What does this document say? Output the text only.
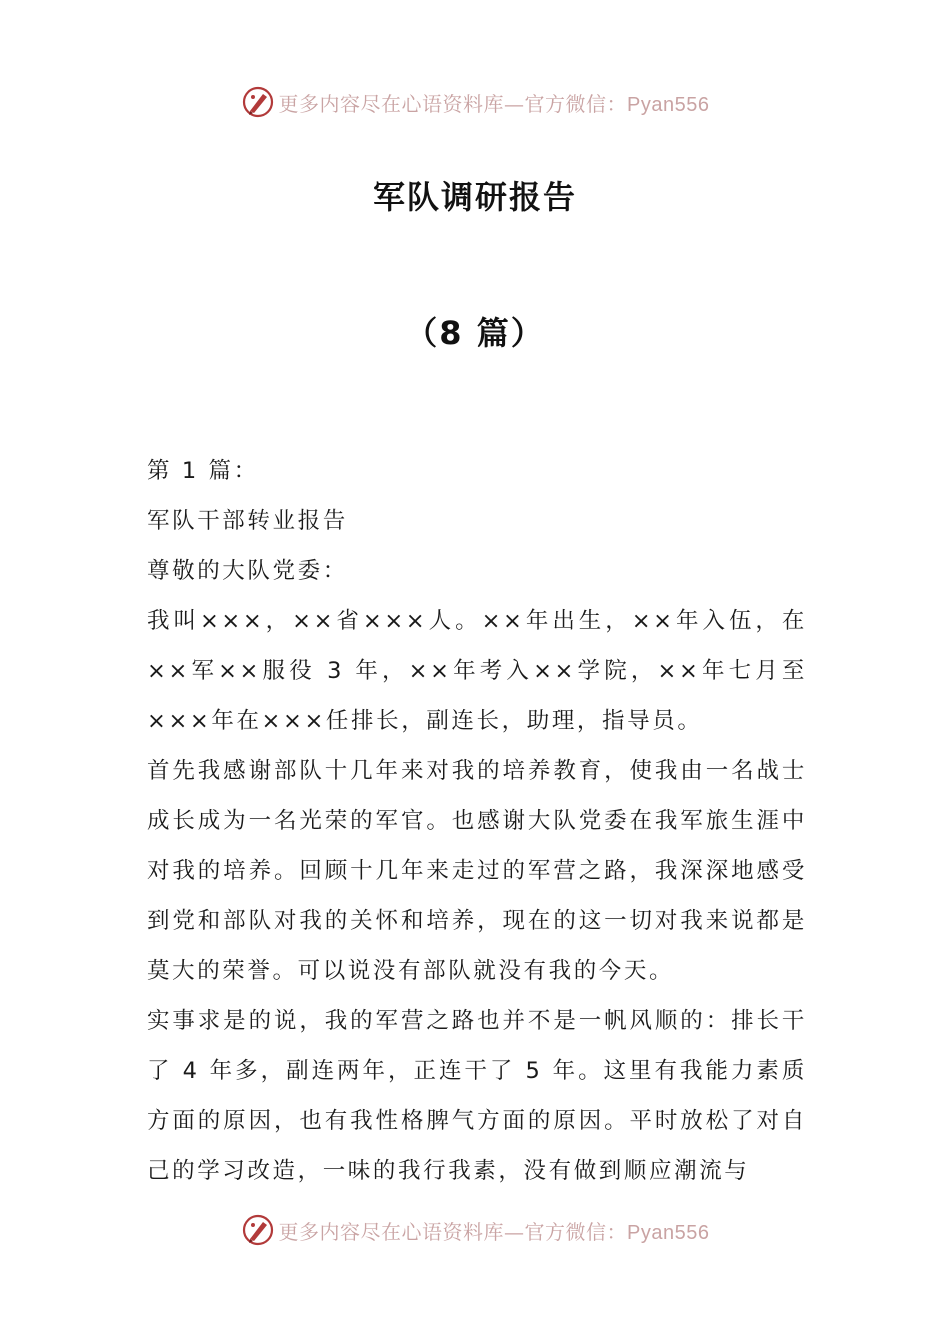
更多内容尽在心语资料库—官方微信：Pyan556
军队调研报告
（8 篇）

第 1 篇：

军队干部转业报告

尊敬的大队党委：

我叫×××，××省×××人。××年出生，××年入伍，在××军××服役 3 年，××年考入××学院，××年七月至×××年在×××任排长，副连长，助理，指导员。

首先我感谢部队十几年来对我的培养教育，使我由一名战士成长成为一名光荣的军官。也感谢大队党委在我军旅生涯中对我的培养。回顾十几年来走过的军营之路，我深深地感受到党和部队对我的关怀和培养，现在的这一切对我来说都是莫大的荣誉。可以说没有部队就没有我的今天。

实事求是的说，我的军营之路也并不是一帆风顺的：排长干了 4 年多，副连两年，正连干了 5 年。这里有我能力素质方面的原因，也有我性格脾气方面的原因。平时放松了对自己的学习改造，一味的我行我素，没有做到顺应潮流与

更多内容尽在心语资料库—官方微信：Pyan556
